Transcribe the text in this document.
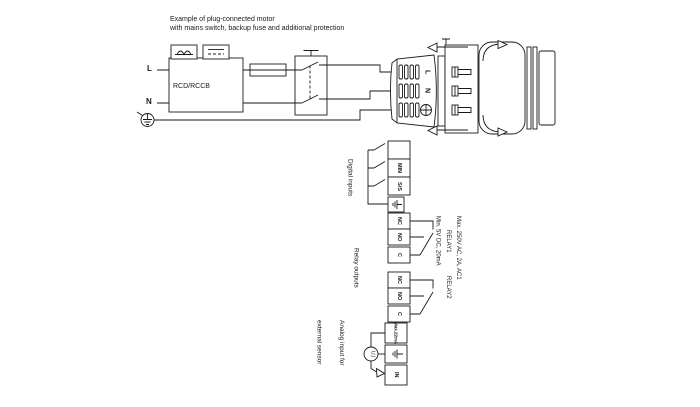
Example of plug-connected motor
with mains switch, backup fuse and additional protection
L
N
RCD/RCCB
L
N
Digital inputs	MIN
S/S
Relay outputs
NC
NO
C
NC
NO
C
RELAY1
RELAY2

Max. 250V AC, 2A, AC1

Min. 5V DC, 20mA

Analog input for

external sensor

	Max.
22mA
U,I
IN
